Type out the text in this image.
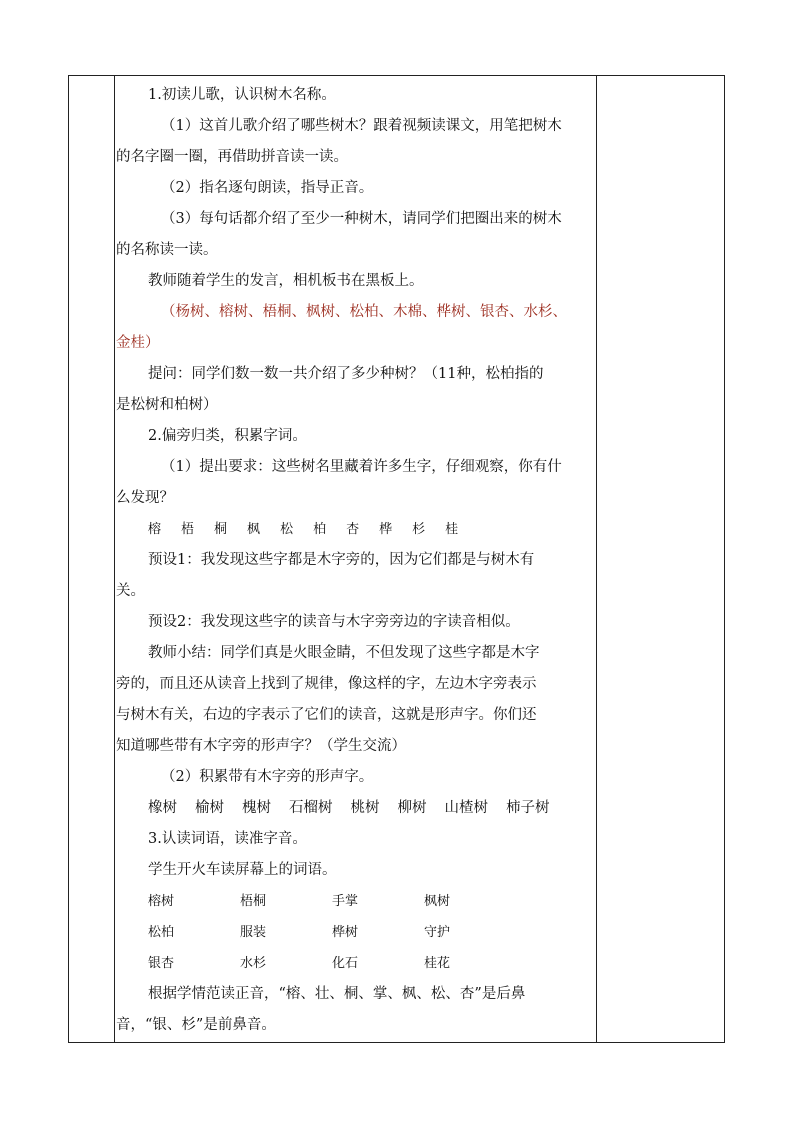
1.初读儿歌，认识树木名称。

（1）这首儿歌介绍了哪些树木？跟着视频读课文，用笔把树木

的名字圈一圈，再借助拼音读一读。

（2）指名逐句朗读，指导正音。

（3）每句话都介绍了至少一种树木，请同学们把圈出来的树木

的名称读一读。

教师随着学生的发言，相机板书在黑板上。

（杨树、榕树、梧桐、枫树、松柏、木棉、桦树、银杏、水杉、

金桂）

提问：同学们数一数一共介绍了多少种树？（11种，松柏指的

是松树和柏树）

2.偏旁归类，积累字词。

（1）提出要求：这些树名里藏着许多生字，仔细观察，你有什

么发现？

榕 梧 桐 枫 松 柏 杏 桦 杉 桂

预设1：我发现这些字都是木字旁的，因为它们都是与树木有

关。

预设2：我发现这些字的读音与木字旁旁边的字读音相似。

教师小结：同学们真是火眼金睛，不但发现了这些字都是木字

旁的，而且还从读音上找到了规律，像这样的字，左边木字旁表示

与树木有关，右边的字表示了它们的读音，这就是形声字。你们还

知道哪些带有木字旁的形声字？（学生交流）

（2）积累带有木字旁的形声字。

橡树 榆树 槐树 石榴树 桃树 柳树 山楂树 柿子树

3.认读词语，读准字音。

学生开火车读屏幕上的词语。

榕树	梧桐	手掌	枫树
松柏	服装	桦树	守护
银杏	水杉	化石	桂花

根据学情范读正音，“榕、壮、桐、掌、枫、松、杏”是后鼻

音，“银、杉”是前鼻音。
